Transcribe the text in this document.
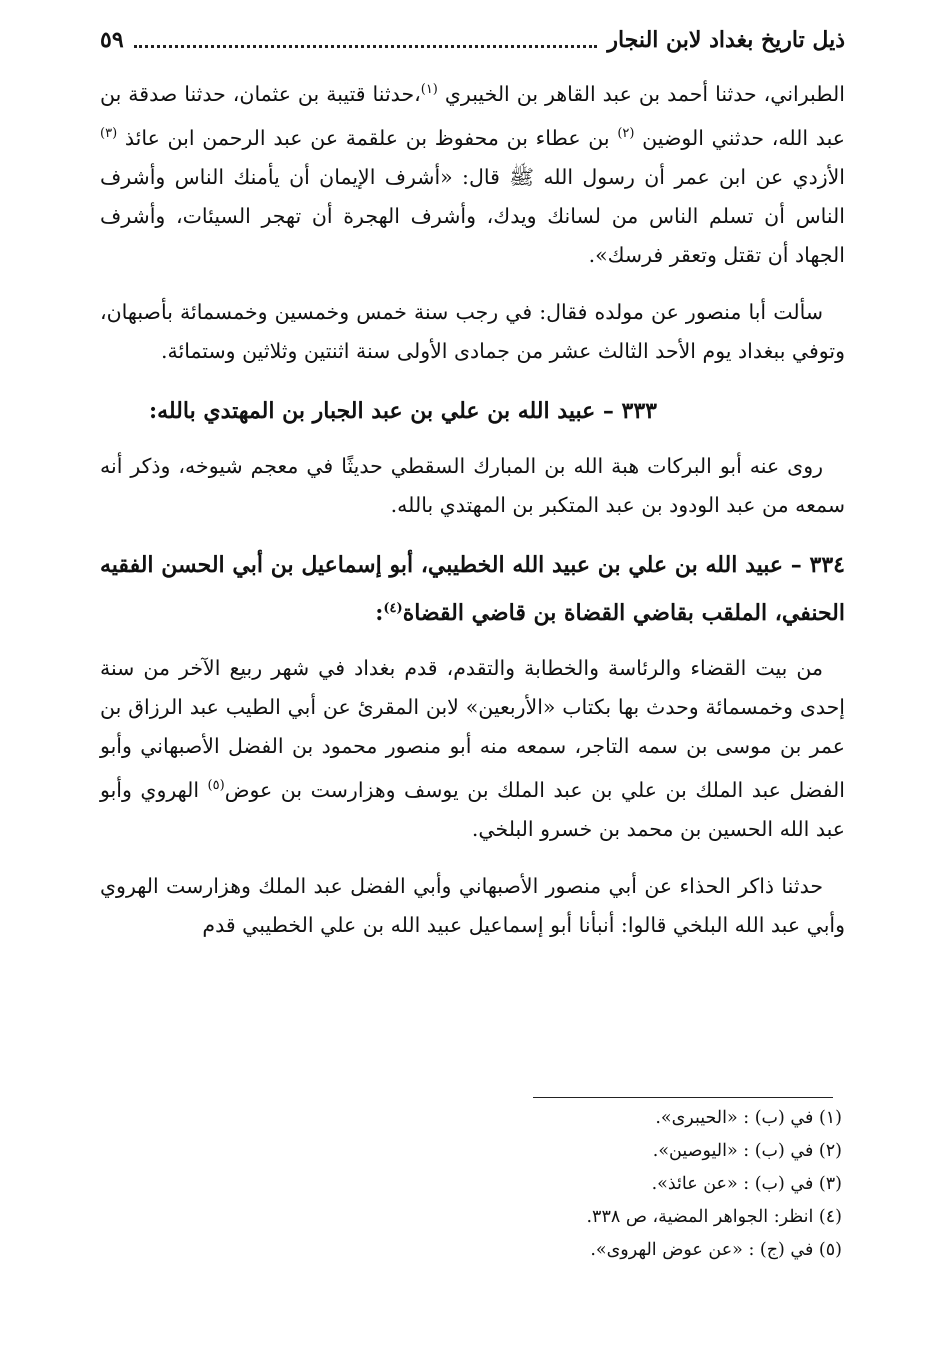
ذيل تاريخ بغداد لابن النجار
٥٩

الطبراني، حدثنا أحمد بن عبد القاهر بن الخيبري $^{(١)}$،حدثنا قتيبة بن عثمان، حدثنا صدقة بن عبد الله، حدثني الوضين $^{(٢)}$ بن عطاء بن محفوظ بن علقمة عن عبد الرحمن ابن عائذ $^{(٣)}$ الأزدي عن ابن عمر أن رسول الله ﷺ قال: «أشرف الإيمان أن يأمنك الناس وأشرف الناس أن تسلم الناس من لسانك ويدك، وأشرف الهجرة أن تهجر السيئات، وأشرف الجهاد أن تقتل وتعقر فرسك».

سألت أبا منصور عن مولده فقال: في رجب سنة خمس وخمسين وخمسمائة بأصبهان، وتوفي ببغداد يوم الأحد الثالث عشر من جمادى الأولى سنة اثنتين وثلاثين وستمائة.

٣٣٣ – عبيد الله بن علي بن عبد الجبار بن المهتدي بالله:

روى عنه أبو البركات هبة الله بن المبارك السقطي حديثًا في معجم شيوخه، وذكر أنه سمعه من عبد الودود بن عبد المتكبر بن المهتدي بالله.

٣٣٤ – عبيد الله بن علي بن عبيد الله الخطيبي، أبو إسماعيل بن أبي الحسن الفقيه الحنفي، الملقب بقاضي القضاة بن قاضي القضاة$^{(٤)}$:

من بيت القضاء والرئاسة والخطابة والتقدم، قدم بغداد في شهر ربيع الآخر من سنة إحدى وخمسمائة وحدث بها بكتاب «الأربعين» لابن المقرئ عن أبي الطيب عبد الرزاق بن عمر بن موسى بن سمه التاجر، سمعه منه أبو منصور محمود بن الفضل الأصبهاني وأبو الفضل عبد الملك بن علي بن عبد الملك بن يوسف وهزارست بن عوض$^{(٥)}$ الهروي وأبو عبد الله الحسين بن محمد بن خسرو البلخي.

حدثنا ذاكر الحذاء عن أبي منصور الأصبهاني وأبي الفضل عبد الملك وهزارست الهروي وأبي عبد الله البلخي قالوا: أنبأنا أبو إسماعيل عبيد الله بن علي الخطيبي قدم

(١) في (ب) : «الحيبرى».

(٢) في (ب) : «اليوصين».

(٣) في (ب) : «عن عائذ».

(٤) انظر: الجواهر المضية، ص ٣٣٨.

(٥) في (ج) : «عن عوض الهروى».
